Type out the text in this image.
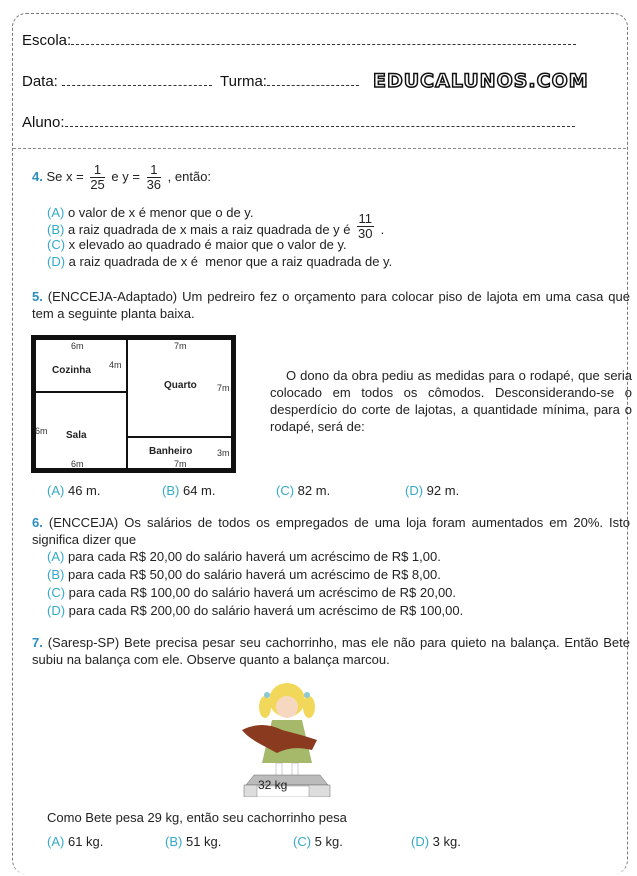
Escola:
Data:	Turma:	EDUCALUNOS.COM
Aluno:
4. Se $x = \frac{1}{25}$ e $y = \frac{1}{36}$ , então:
(A) o valor de x é menor que o de y.
(B) a raiz quadrada de x mais a raiz quadrada de y é $\frac{11}{30}$ .
(C) x elevado ao quadrado é maior que o valor de y.
(D) a raiz quadrada de x é  menor que a raiz quadrada de y.
5. (ENCCEJA-Adaptado) Um pedreiro fez o orçamento para colocar piso de lajota em uma casa que tem a seguinte planta baixa.
Cozinha
Sala
Quarto
Banheiro
6m
4m
6m
6m
7m
7m
3m
7m
O dono da obra pediu as medidas para o rodapé, que seria colocado em todos os cômodos. Desconsiderando-se o desperdício do corte de lajotas, a quantidade mínima, para o rodapé, será de:
(A) 46 m.	(B) 64 m.	(C) 82 m.	(D) 92 m.
6. (ENCCEJA) Os salários de todos os empregados de uma loja foram aumentados em 20%. Isto significa dizer que
(A) para cada R$ 20,00 do salário haverá um acréscimo de R$ 1,00.
(B) para cada R$ 50,00 do salário haverá um acréscimo de R$ 8,00.
(C) para cada R$ 100,00 do salário haverá um acréscimo de R$ 20,00.
(D) para cada R$ 200,00 do salário haverá um acréscimo de R$ 100,00.
7. (Saresp-SP) Bete precisa pesar seu cachorrinho, mas ele não para quieto na balança. Então Bete subiu na balança com ele. Observe quanto a balança marcou.
32 kg
Como Bete pesa 29 kg, então seu cachorrinho pesa
(A) 61 kg.	(B) 51 kg.	(C) 5 kg.	(D) 3 kg.
